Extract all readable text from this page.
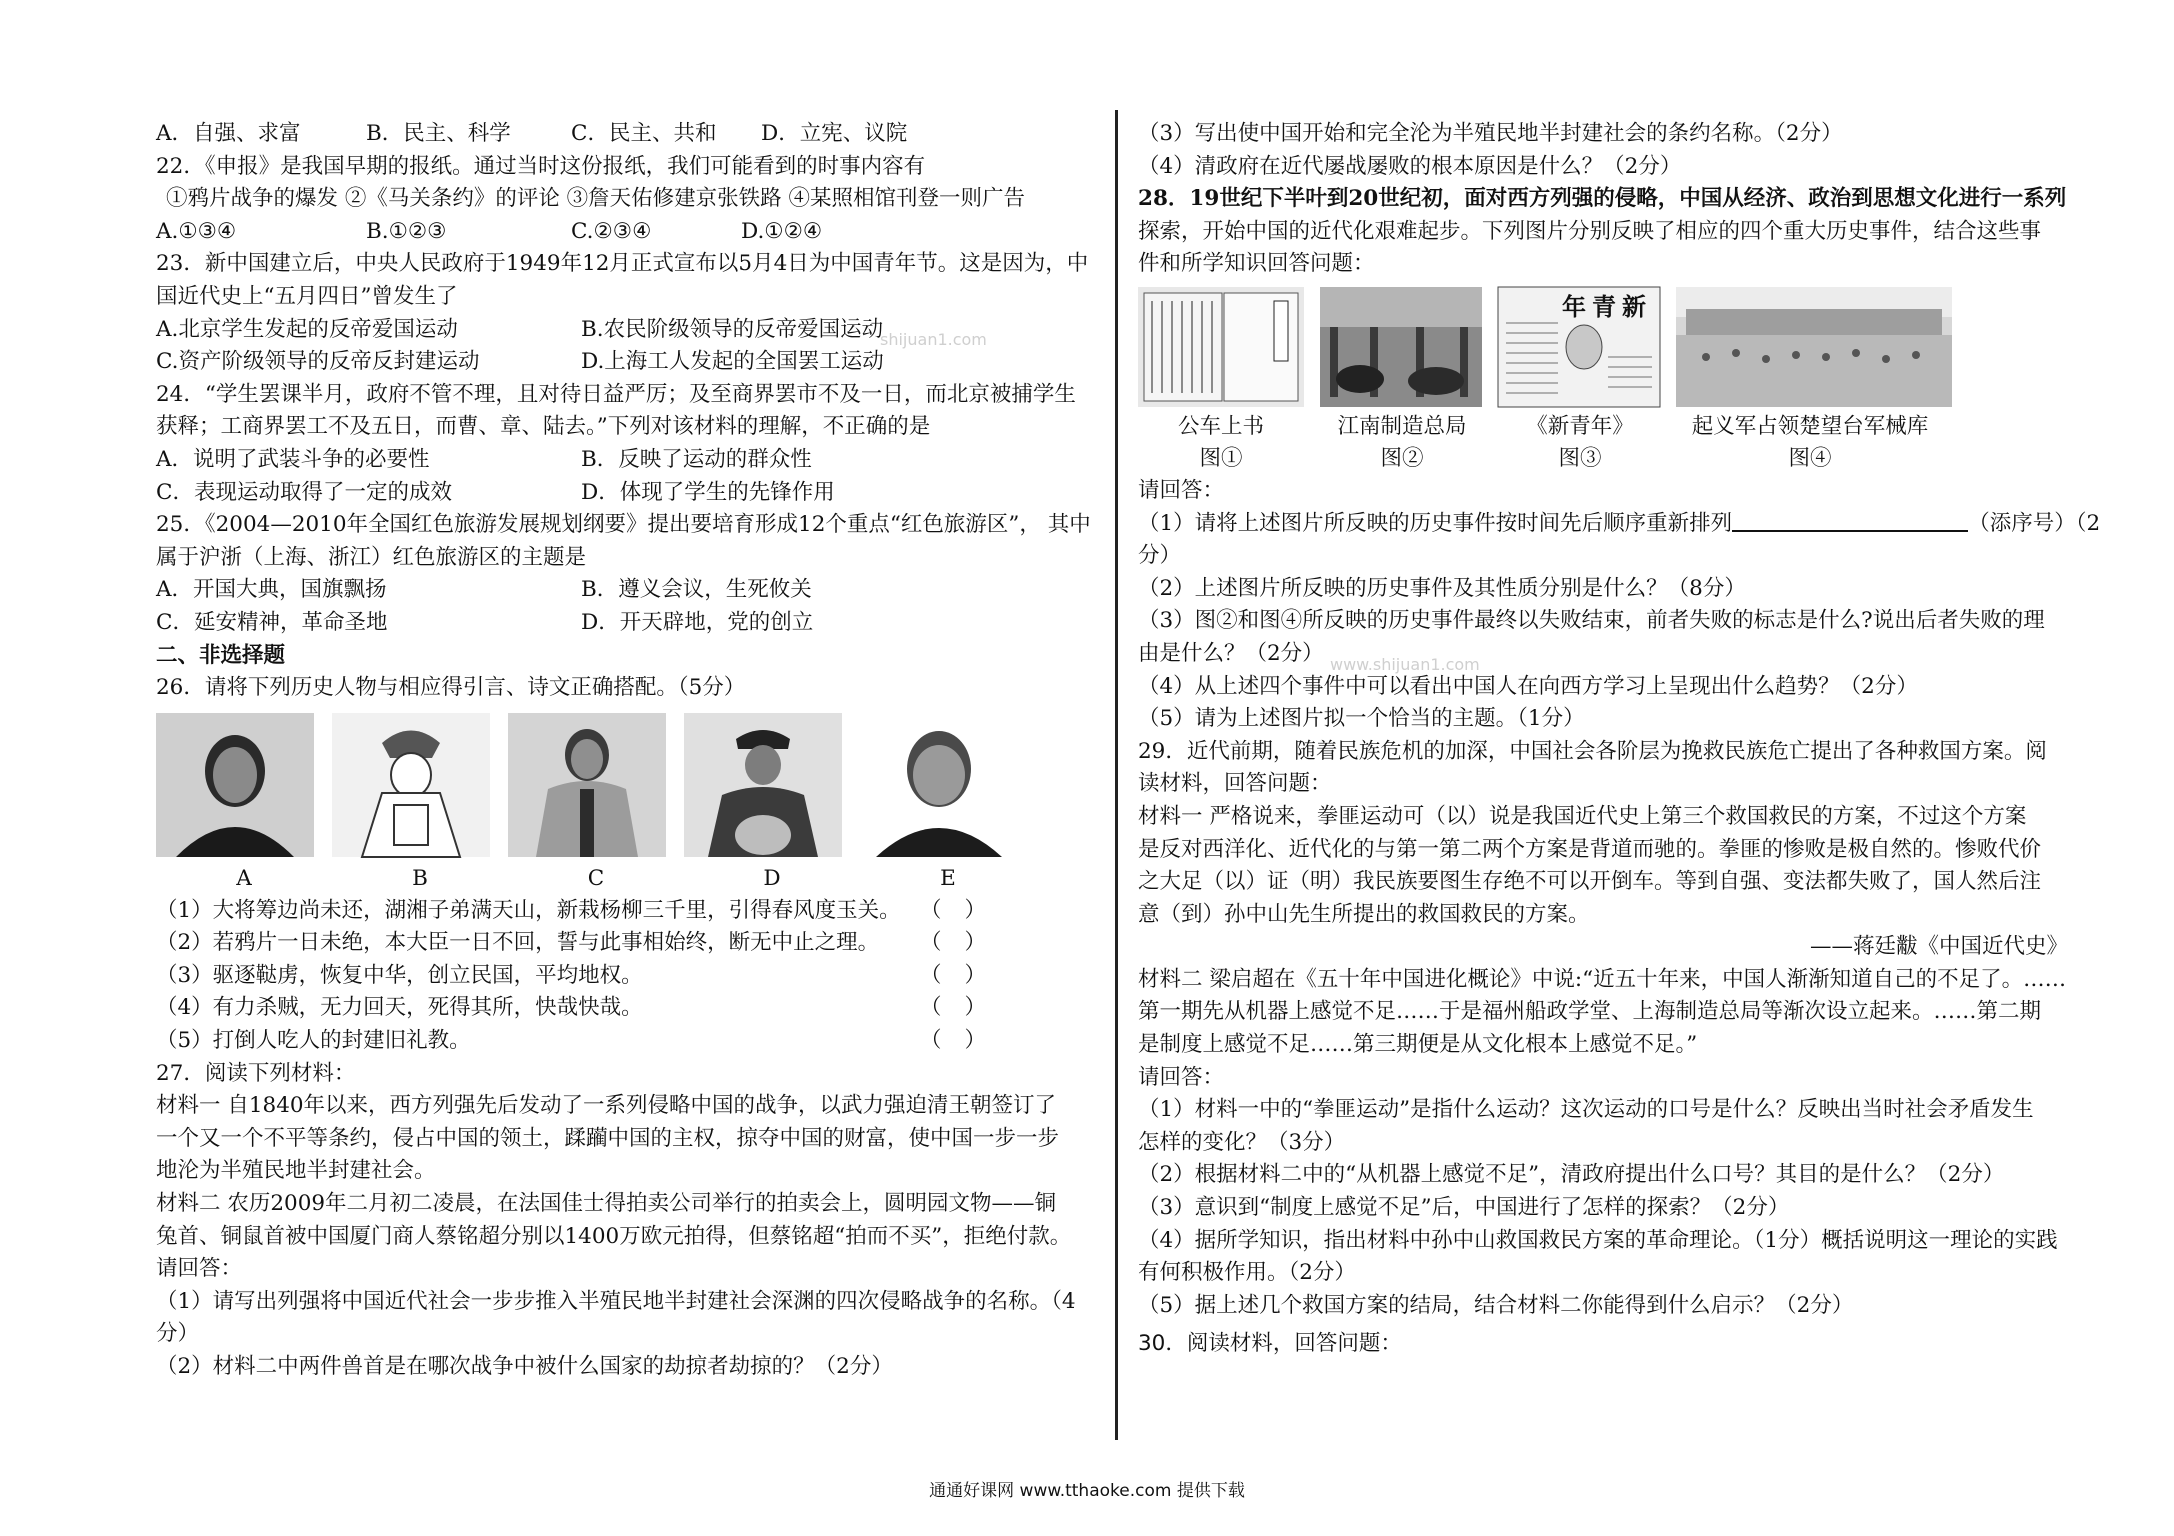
A．自强、求富	B．民主、科学	C．民主、共和	D．立宪、议院
22．《申报》是我国早期的报纸。通过当时这份报纸，我们可能看到的时事内容有
①鸦片战争的爆发 ②《马关条约》的评论 ③詹天佑修建京张铁路 ④某照相馆刊登一则广告
A.①③④	B.①②③	C.②③④	D.①②④
23．新中国建立后，中央人民政府于1949年12月正式宣布以5月4日为中国青年节。这是因为，中
国近代史上“五月四日”曾发生了
A.北京学生发起的反帝爱国运动	B.农民阶级领导的反帝爱国运动
C.资产阶级领导的反帝反封建运动	D.上海工人发起的全国罢工运动
24．“学生罢课半月，政府不管不理，且对待日益严厉；及至商界罢市不及一日，而北京被捕学生
获释；工商界罢工不及五日，而曹、章、陆去。”下列对该材料的理解，不正确的是
A．说明了武装斗争的必要性	B．反映了运动的群众性
C．表现运动取得了一定的成效	D．体现了学生的先锋作用
25．《2004—2010年全国红色旅游发展规划纲要》提出要培育形成12个重点“红色旅游区”， 其中
属于沪浙（上海、浙江）红色旅游区的主题是
A．开国大典，国旗飘扬	B．遵义会议，生死攸关
C．延安精神，革命圣地	D．开天辟地，党的创立
二、非选择题
26．请将下列历史人物与相应得引言、诗文正确搭配。（5分）
A	B	C	D	E
（1）大将筹边尚未还，湖湘子弟满天山，新栽杨柳三千里，引得春风度玉关。 （ ）
（2）若鸦片一日未绝，本大臣一日不回，誓与此事相始终，断无中止之理。 （ ）
（3）驱逐鞑虏，恢复中华，创立民国，平均地权。	（ ）
（4）有力杀贼，无力回天，死得其所，快哉快哉。	（ ）
（5）打倒人吃人的封建旧礼教。	（ ）
27．阅读下列材料：
材料一 自1840年以来，西方列强先后发动了一系列侵略中国的战争，以武力强迫清王朝签订了
一个又一个不平等条约，侵占中国的领土，蹂躏中国的主权，掠夺中国的财富，使中国一步一步
地沦为半殖民地半封建社会。
材料二 农历2009年二月初二凌晨，在法国佳士得拍卖公司举行的拍卖会上，圆明园文物——铜
兔首、铜鼠首被中国厦门商人蔡铭超分别以1400万欧元拍得，但蔡铭超“拍而不买”，拒绝付款。
请回答：
（1）请写出列强将中国近代社会一步步推入半殖民地半封建社会深渊的四次侵略战争的名称。（4
分）
（2）材料二中两件兽首是在哪次战争中被什么国家的劫掠者劫掠的？（2分）
（3）写出使中国开始和完全沦为半殖民地半封建社会的条约名称。（2分）
（4）清政府在近代屡战屡败的根本原因是什么？（2分）
28．19世纪下半叶到20世纪初，面对西方列强的侵略，中国从经济、政治到思想文化进行一系列
探索，开始中国的近代化艰难起步。下列图片分别反映了相应的四个重大历史事件，结合这些事
件和所学知识回答问题：
年青新
公车上书	江南制造总局	《新青年》	起义军占领楚望台军械库
图①	图②	图③	图④
请回答：
（1）请将上述图片所反映的历史事件按时间先后顺序重新排列	（添序号）（2
分）
（2）上述图片所反映的历史事件及其性质分别是什么？（8分）
（3）图②和图④所反映的历史事件最终以失败结束，前者失败的标志是什么?说出后者失败的理
由是什么？（2分）
（4）从上述四个事件中可以看出中国人在向西方学习上呈现出什么趋势？（2分）
（5）请为上述图片拟一个恰当的主题。（1分）
29．近代前期，随着民族危机的加深，中国社会各阶层为挽救民族危亡提出了各种救国方案。阅
读材料，回答问题：
材料一 严格说来，拳匪运动可（以）说是我国近代史上第三个救国救民的方案，不过这个方案
是反对西洋化、近代化的与第一第二两个方案是背道而驰的。拳匪的惨败是极自然的。惨败代价
之大足（以）证（明）我民族要图生存绝不可以开倒车。等到自强、变法都失败了，国人然后注
意（到）孙中山先生所提出的救国救民的方案。
——蒋廷黻《中国近代史》
材料二 梁启超在《五十年中国进化概论》中说:“近五十年来，中国人渐渐知道自己的不足了。……
第一期先从机器上感觉不足……于是福州船政学堂、上海制造总局等渐次设立起来。……第二期
是制度上感觉不足……第三期便是从文化根本上感觉不足。”
请回答：
（1）材料一中的“拳匪运动”是指什么运动？这次运动的口号是什么？反映出当时社会矛盾发生
怎样的变化？（3分）
（2）根据材料二中的“从机器上感觉不足”，清政府提出什么口号？其目的是什么？（2分）
（3）意识到“制度上感觉不足”后，中国进行了怎样的探索？（2分）
（4）据所学知识，指出材料中孙中山救国救民方案的革命理论。（1分）概括说明这一理论的实践
有何积极作用。（2分）
（5）据上述几个救国方案的结局，结合材料二你能得到什么启示？（2分）
30．阅读材料，回答问题：
shijuan1.com
www.shijuan1.com
通通好课网 www.tthaoke.com 提供下载
